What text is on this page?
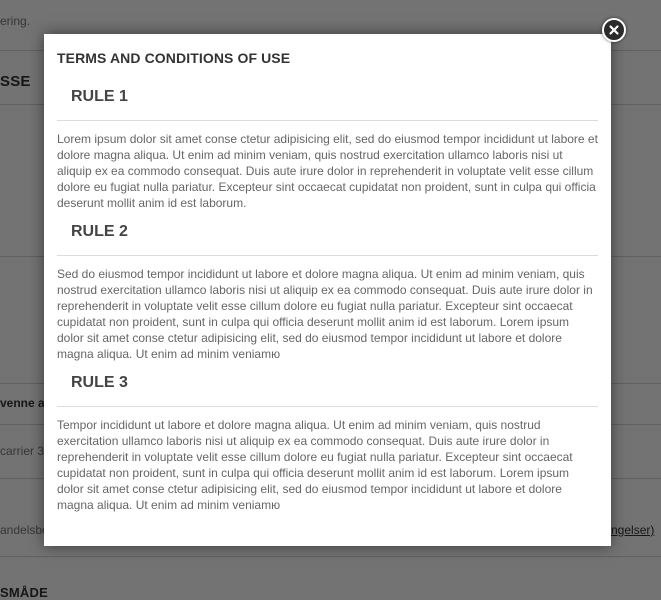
TERMS AND CONDITIONS OF USE
RULE 1

Lorem ipsum dolor sit amet conse ctetur adipisicing elit, sed do eiusmod tempor incididunt ut labore et dolore magna aliqua. Ut enim ad minim veniam, quis nostrud exercitation ullamco laboris nisi ut aliquip ex ea commodo consequat. Duis aute irure dolor in reprehenderit in voluptate velit esse cillum dolore eu fugiat nulla pariatur. Excepteur sint occaecat cupidatat non proident, sunt in culpa qui officia deserunt mollit anim id est laborum.

RULE 2

Sed do eiusmod tempor incididunt ut labore et dolore magna aliqua. Ut enim ad minim veniam, quis nostrud exercitation ullamco laboris nisi ut aliquip ex ea commodo consequat. Duis aute irure dolor in reprehenderit in voluptate velit esse cillum dolore eu fugiat nulla pariatur. Excepteur sint occaecat cupidatat non proident, sunt in culpa qui officia deserunt mollit anim id est laborum. Lorem ipsum dolor sit amet conse ctetur adipisicing elit, sed do eiusmod tempor incididunt ut labore et dolore magna aliqua. Ut enim ad minim veniamю

RULE 3

Tempor incididunt ut labore et dolore magna aliqua. Ut enim ad minim veniam, quis nostrud exercitation ullamco laboris nisi ut aliquip ex ea commodo consequat. Duis aute irure dolor in reprehenderit in voluptate velit esse cillum dolore eu fugiat nulla pariatur. Excepteur sint occaecat cupidatat non proident, sunt in culpa qui officia deserunt mollit anim id est laborum. Lorem ipsum dolor sit amet conse ctetur adipisicing elit, sed do eiusmod tempor incididunt ut labore et dolore magna aliqua. Ut enim ad minim veniamю
